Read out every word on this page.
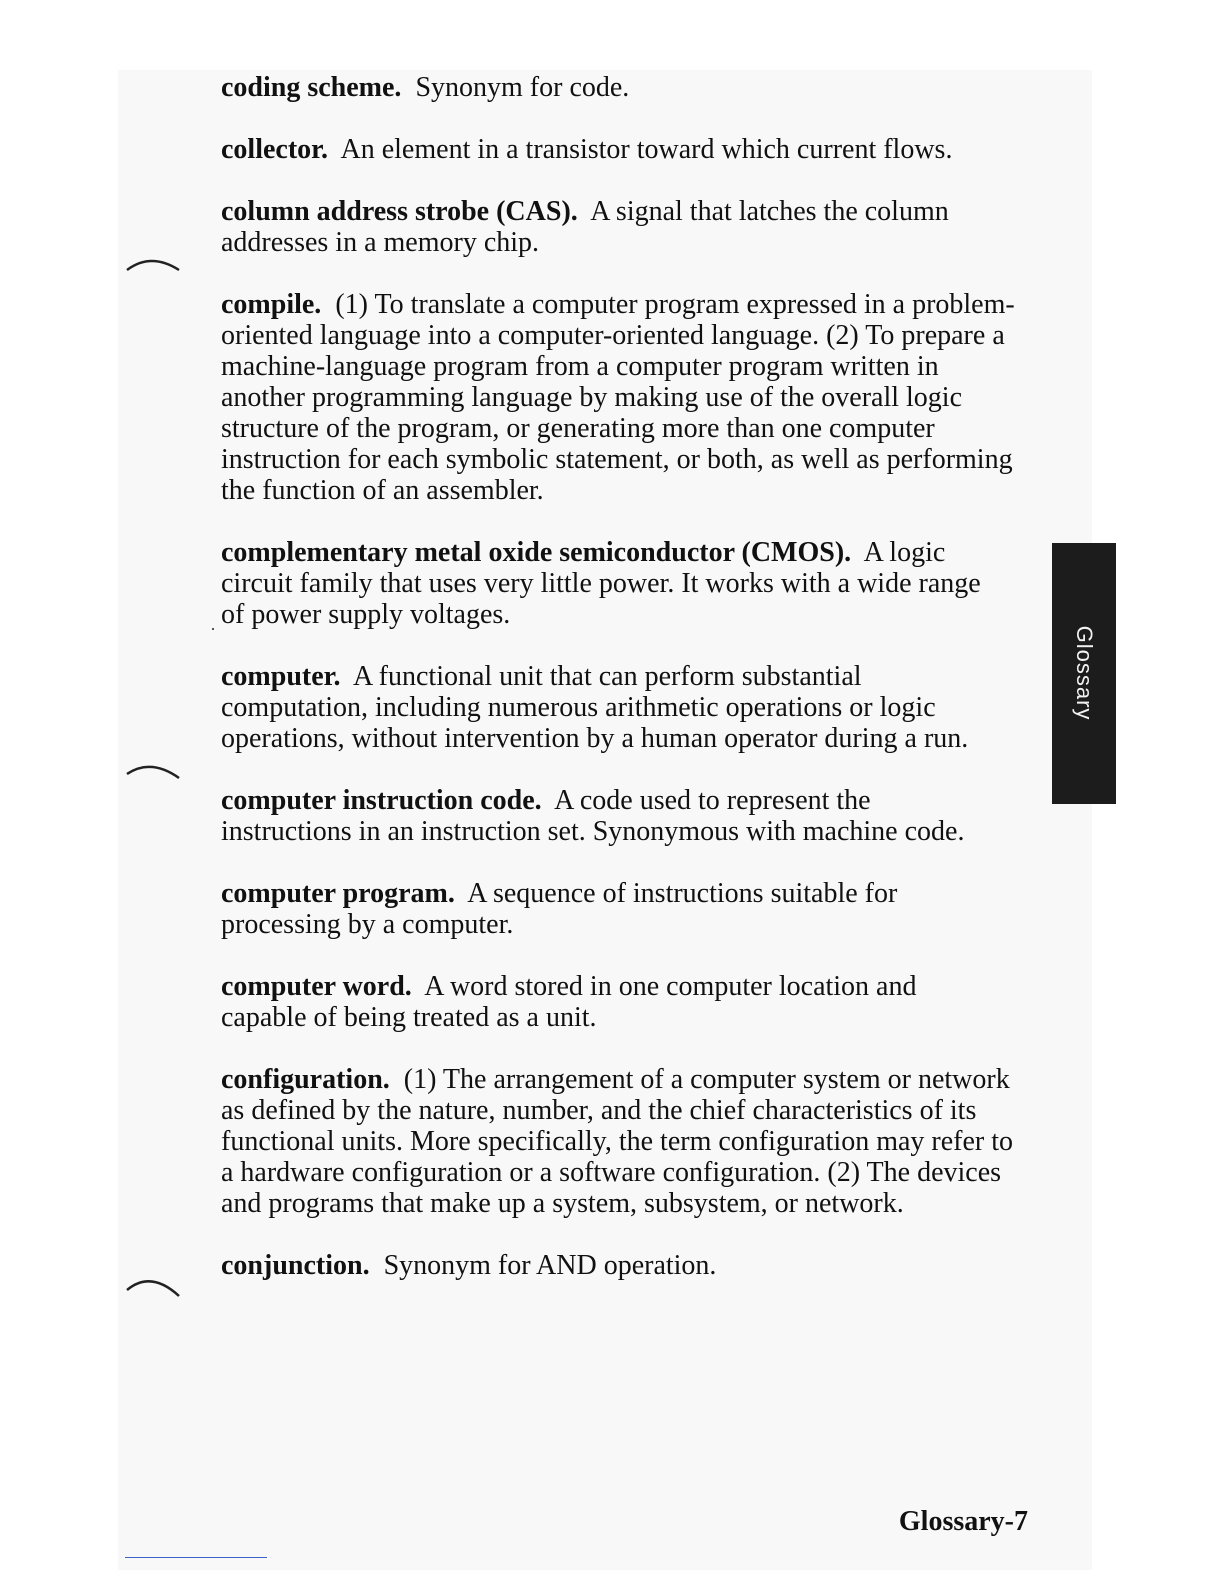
coding scheme. Synonym for code.

collector. An element in a transistor toward which current flows.

column address strobe (CAS). A signal that latches the column addresses in a memory chip.

compile. (1) To translate a computer program expressed in a problem-oriented language into a computer-oriented language. (2) To prepare a machine-language program from a computer program written in another programming language by making use of the overall logic structure of the program, or generating more than one computer instruction for each symbolic statement, or both, as well as performing the function of an assembler.

complementary metal oxide semiconductor (CMOS). A logic circuit family that uses very little power. It works with a wide range of power supply voltages.

computer. A functional unit that can perform substantial computation, including numerous arithmetic operations or logic operations, without intervention by a human operator during a run.

computer instruction code. A code used to represent the instructions in an instruction set. Synonymous with machine code.

computer program. A sequence of instructions suitable for processing by a computer.

computer word. A word stored in one computer location and capable of being treated as a unit.

configuration. (1) The arrangement of a computer system or network as defined by the nature, number, and the chief characteristics of its functional units. More specifically, the term configuration may refer to a hardware configuration or a software configuration. (2) The devices and programs that make up a system, subsystem, or network.

conjunction. Synonym for AND operation.

Glossary
Glossary-7
